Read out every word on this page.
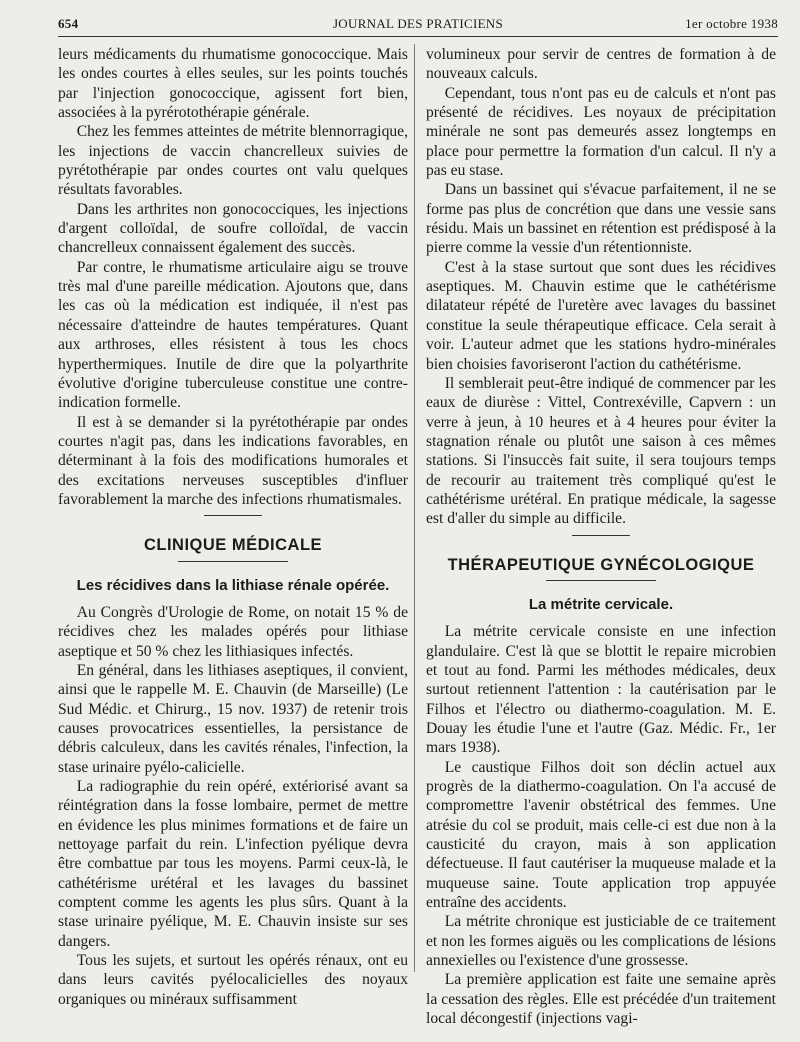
JOURNAL DES PRATICIENS
654	1er octobre 1938

leurs médicaments du rhumatisme gonococcique. Mais les ondes courtes à elles seules, sur les points touchés par l'injection gonococcique, agissent fort bien, associées à la pyrérotothérapie générale.

Chez les femmes atteintes de métrite blennorragique, les injections de vaccin chancrelleux suivies de pyrétothérapie par ondes courtes ont valu quelques résultats favorables.

Dans les arthrites non gonococciques, les injections d'argent colloïdal, de soufre colloïdal, de vaccin chancrelleux connaissent également des succès.

Par contre, le rhumatisme articulaire aigu se trouve très mal d'une pareille médication. Ajoutons que, dans les cas où la médication est indiquée, il n'est pas nécessaire d'atteindre de hautes températures. Quant aux arthroses, elles résistent à tous les chocs hyperthermiques. Inutile de dire que la polyarthrite évolutive d'origine tuberculeuse constitue une contre-indication formelle.

Il est à se demander si la pyrétothérapie par ondes courtes n'agit pas, dans les indications favorables, en déterminant à la fois des modifications humorales et des excitations nerveuses susceptibles d'influer favorablement la marche des infections rhumatismales.

CLINIQUE MÉDICALE

Les récidives dans la lithiase rénale opérée.

Au Congrès d'Urologie de Rome, on notait 15 % de récidives chez les malades opérés pour lithiase aseptique et 50 % chez les lithiasiques infectés.

En général, dans les lithiases aseptiques, il convient, ainsi que le rappelle M. E. Chauvin (de Marseille) (Le Sud Médic. et Chirurg., 15 nov. 1937) de retenir trois causes provocatrices essentielles, la persistance de débris calculeux, dans les cavités rénales, l'infection, la stase urinaire pyélo-calicielle.

La radiographie du rein opéré, extériorisé avant sa réintégration dans la fosse lombaire, permet de mettre en évidence les plus minimes formations et de faire un nettoyage parfait du rein. L'infection pyélique devra être combattue par tous les moyens. Parmi ceux-là, le cathétérisme urétéral et les lavages du bassinet comptent comme les agents les plus sûrs. Quant à la stase urinaire pyélique, M. E. Chauvin insiste sur ses dangers.

Tous les sujets, et surtout les opérés rénaux, ont eu dans leurs cavités pyélocalicielles des noyaux organiques ou minéraux suffisamment

volumineux pour servir de centres de formation à de nouveaux calculs.

Cependant, tous n'ont pas eu de calculs et n'ont pas présenté de récidives. Les noyaux de précipitation minérale ne sont pas demeurés assez longtemps en place pour permettre la formation d'un calcul. Il n'y a pas eu stase.

Dans un bassinet qui s'évacue parfaitement, il ne se forme pas plus de concrétion que dans une vessie sans résidu. Mais un bassinet en rétention est prédisposé à la pierre comme la vessie d'un rétentionniste.

C'est à la stase surtout que sont dues les récidives aseptiques. M. Chauvin estime que le cathétérisme dilatateur répété de l'uretère avec lavages du bassinet constitue la seule thérapeutique efficace. Cela serait à voir. L'auteur admet que les stations hydro-minérales bien choisies favoriseront l'action du cathétérisme.

Il semblerait peut-être indiqué de commencer par les eaux de diurèse : Vittel, Contrexéville, Capvern : un verre à jeun, à 10 heures et à 4 heures pour éviter la stagnation rénale ou plutôt une saison à ces mêmes stations. Si l'insuccès fait suite, il sera toujours temps de recourir au traitement très compliqué qu'est le cathétérisme urétéral. En pratique médicale, la sagesse est d'aller du simple au difficile.

THÉRAPEUTIQUE GYNÉCOLOGIQUE

La métrite cervicale.

La métrite cervicale consiste en une infection glandulaire. C'est là que se blottit le repaire microbien et tout au fond. Parmi les méthodes médicales, deux surtout retiennent l'attention : la cautérisation par le Filhos et l'électro ou diathermo-coagulation. M. E. Douay les étudie l'une et l'autre (Gaz. Médic. Fr., 1er mars 1938).

Le caustique Filhos doit son déclin actuel aux progrès de la diathermo-coagulation. On l'a accusé de compromettre l'avenir obstétrical des femmes. Une atrésie du col se produit, mais celle-ci est due non à la causticité du crayon, mais à son application défectueuse. Il faut cautériser la muqueuse malade et la muqueuse saine. Toute application trop appuyée entraîne des accidents.

La métrite chronique est justiciable de ce traitement et non les formes aiguës ou les complications de lésions annexielles ou l'existence d'une grossesse.

La première application est faite une semaine après la cessation des règles. Elle est précédée d'un traitement local décongestif (injections vagi-
